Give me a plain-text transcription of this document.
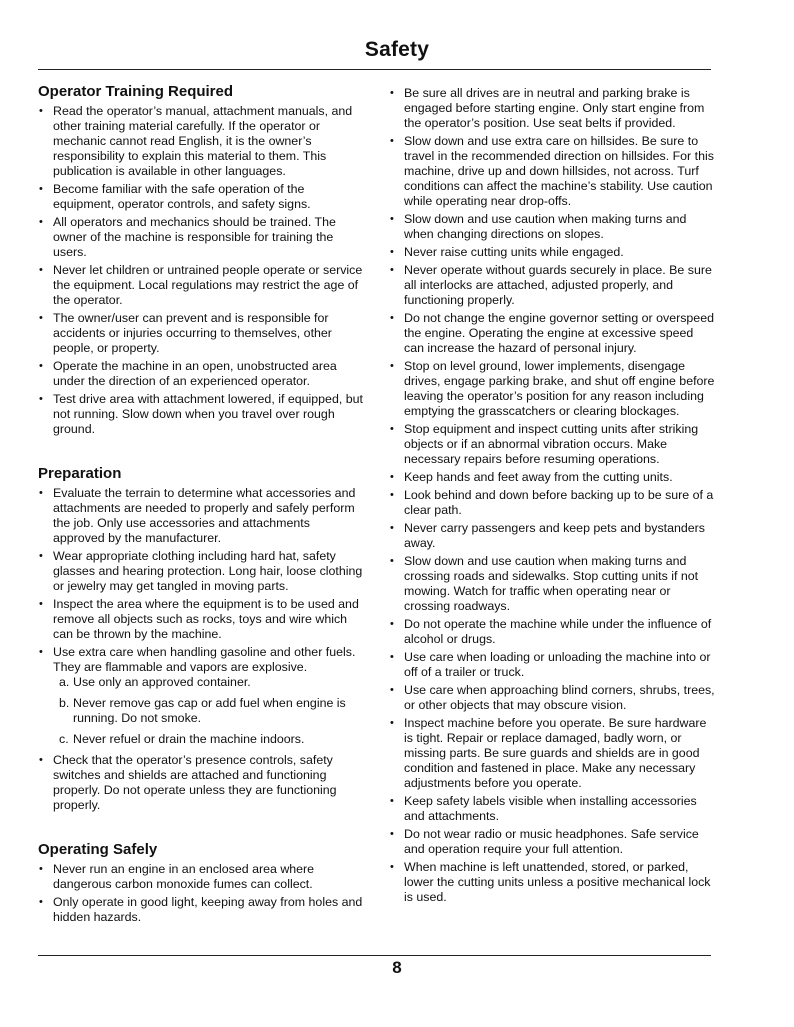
Safety
Operator Training Required
• Read the operator’s manual, attachment manuals, and other training material carefully. If the operator or mechanic cannot read English, it is the owner’s responsibility to explain this material to them. This publication is available in other languages.
• Become familiar with the safe operation of the equipment, operator controls, and safety signs.
• All operators and mechanics should be trained. The owner of the machine is responsible for training the users.
• Never let children or untrained people operate or service the equipment. Local regulations may restrict the age of the operator.
• The owner/user can prevent and is responsible for accidents or injuries occurring to themselves, other people, or property.
• Operate the machine in an open, unobstructed area under the direction of an experienced operator.
• Test drive area with attachment lowered, if equipped, but not running. Slow down when you travel over rough ground.
Preparation
• Evaluate the terrain to determine what accessories and attachments are needed to properly and safely perform the job. Only use accessories and attachments approved by the manufacturer.
• Wear appropriate clothing including hard hat, safety glasses and hearing protection. Long hair, loose clothing or jewelry may get tangled in moving parts.
• Inspect the area where the equipment is to be used and remove all objects such as rocks, toys and wire which can be thrown by the machine.
• Use extra care when handling gasoline and other fuels. They are flammable and vapors are explosive.
a. Use only an approved container.
b. Never remove gas cap or add fuel when engine is running. Do not smoke.
c. Never refuel or drain the machine indoors.
• Check that the operator’s presence controls, safety switches and shields are attached and functioning properly. Do not operate unless they are functioning properly.
Operating Safely
• Never run an engine in an enclosed area where dangerous carbon monoxide fumes can collect.
• Only operate in good light, keeping away from holes and hidden hazards.
• Be sure all drives are in neutral and parking brake is engaged before starting engine. Only start engine from the operator’s position. Use seat belts if provided.
• Slow down and use extra care on hillsides. Be sure to travel in the recommended direction on hillsides. For this machine, drive up and down hillsides, not across. Turf conditions can affect the machine’s stability. Use caution while operating near drop-offs.
• Slow down and use caution when making turns and when changing directions on slopes.
• Never raise cutting units while engaged.
• Never operate without guards securely in place. Be sure all interlocks are attached, adjusted properly, and functioning properly.
• Do not change the engine governor setting or overspeed the engine. Operating the engine at excessive speed can increase the hazard of personal injury.
• Stop on level ground, lower implements, disengage drives, engage parking brake, and shut off engine before leaving the operator’s position for any reason including emptying the grasscatchers or clearing blockages.
• Stop equipment and inspect cutting units after striking objects or if an abnormal vibration occurs. Make necessary repairs before resuming operations.
• Keep hands and feet away from the cutting units.
• Look behind and down before backing up to be sure of a clear path.
• Never carry passengers and keep pets and bystanders away.
• Slow down and use caution when making turns and crossing roads and sidewalks. Stop cutting units if not mowing. Watch for traffic when operating near or crossing roadways.
• Do not operate the machine while under the influence of alcohol or drugs.
• Use care when loading or unloading the machine into or off of a trailer or truck.
• Use care when approaching blind corners, shrubs, trees, or other objects that may obscure vision.
• Inspect machine before you operate. Be sure hardware is tight. Repair or replace damaged, badly worn, or missing parts. Be sure guards and shields are in good condition and fastened in place. Make any necessary adjustments before you operate.
• Keep safety labels visible when installing accessories and attachments.
• Do not wear radio or music headphones. Safe service and operation require your full attention.
• When machine is left unattended, stored, or parked, lower the cutting units unless a positive mechanical lock is used.
8
